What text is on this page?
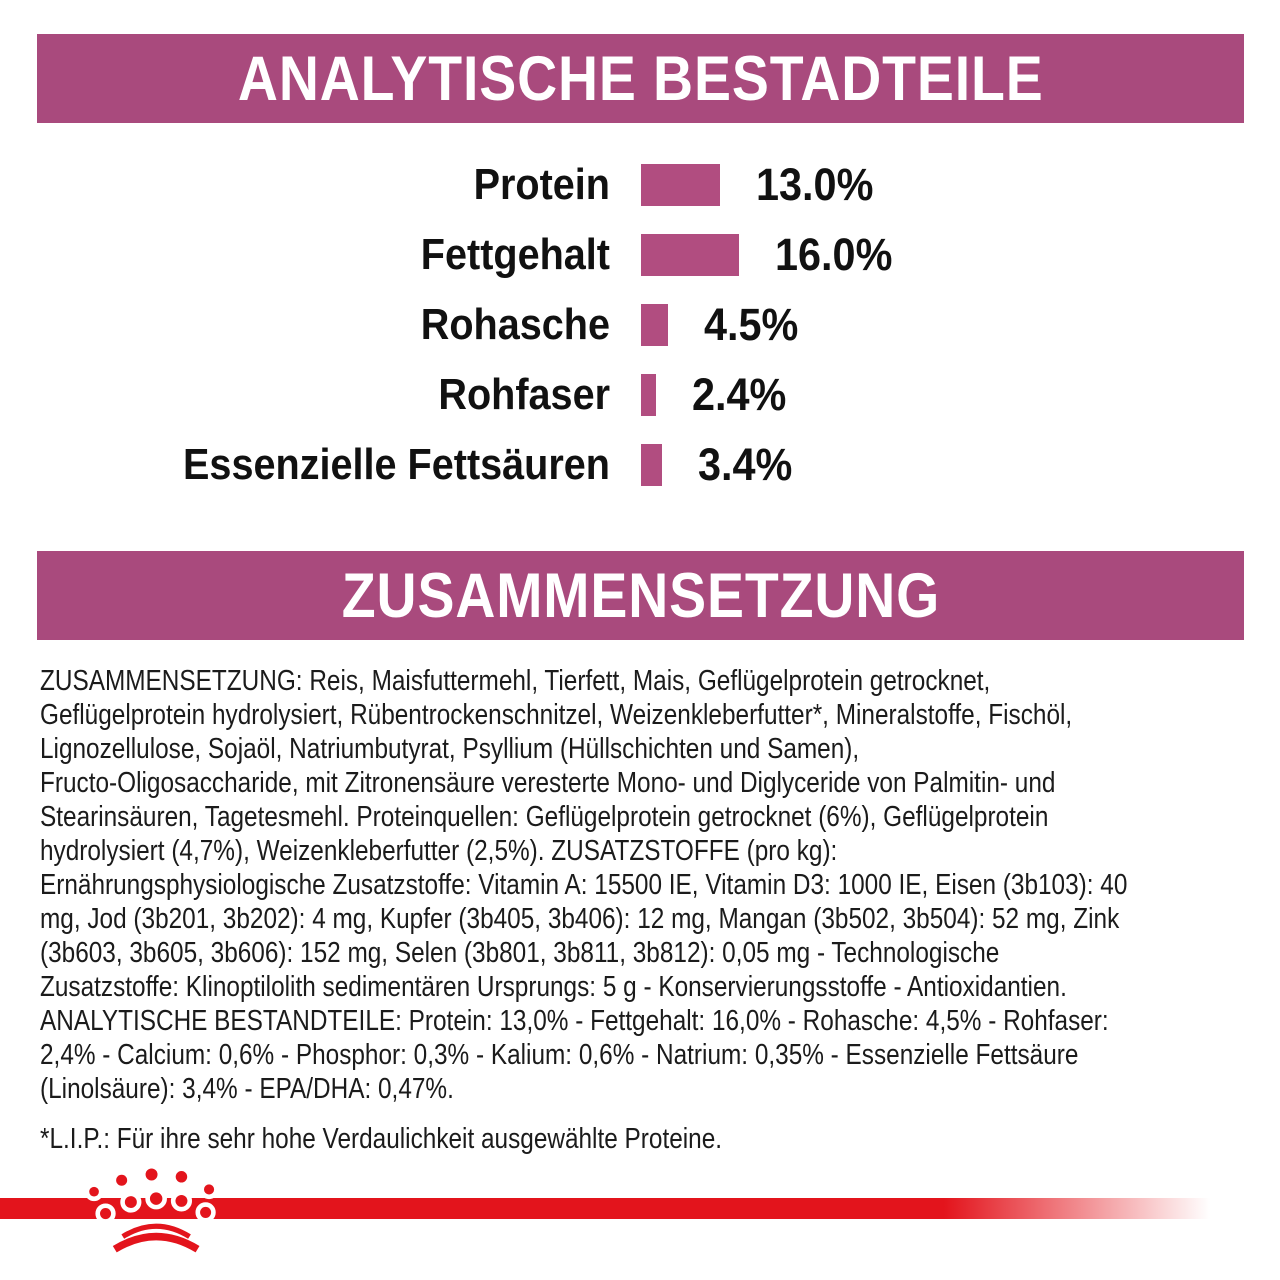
ANALYTISCHE BESTADTEILE
Protein	13.0%
Fettgehalt	16.0%
Rohasche 4.5%
Rohfaser 2.4%
Essenzielle Fettsäuren 3.4%
ZUSAMMENSETZUNG
ZUSAMMENSETZUNG: Reis, Maisfuttermehl, Tierfett, Mais, Geflügelprotein getrocknet,
Geflügelprotein hydrolysiert, Rübentrockenschnitzel, Weizenkleberfutter*, Mineralstoffe, Fischöl,
Lignozellulose, Sojaöl, Natriumbutyrat, Psyllium (Hüllschichten und Samen),
Fructo-Oligosaccharide, mit Zitronensäure veresterte Mono- und Diglyceride von Palmitin- und
Stearinsäuren, Tagetesmehl. Proteinquellen: Geflügelprotein getrocknet (6%), Geflügelprotein
hydrolysiert (4,7%), Weizenkleberfutter (2,5%). ZUSATZSTOFFE (pro kg):
Ernährungsphysiologische Zusatzstoffe: Vitamin A: 15500 IE, Vitamin D3: 1000 IE, Eisen (3b103): 40
mg, Jod (3b201, 3b202): 4 mg, Kupfer (3b405, 3b406): 12 mg, Mangan (3b502, 3b504): 52 mg, Zink
(3b603, 3b605, 3b606): 152 mg, Selen (3b801, 3b811, 3b812): 0,05 mg - Technologische
Zusatzstoffe: Klinoptilolith sedimentären Ursprungs: 5 g - Konservierungsstoffe - Antioxidantien.
ANALYTISCHE BESTANDTEILE: Protein: 13,0% - Fettgehalt: 16,0% - Rohasche: 4,5% - Rohfaser:
2,4% - Calcium: 0,6% - Phosphor: 0,3% - Kalium: 0,6% - Natrium: 0,35% - Essenzielle Fettsäure
(Linolsäure): 3,4% - EPA/DHA: 0,47%.
*L.I.P.: Für ihre sehr hohe Verdaulichkeit ausgewählte Proteine.
